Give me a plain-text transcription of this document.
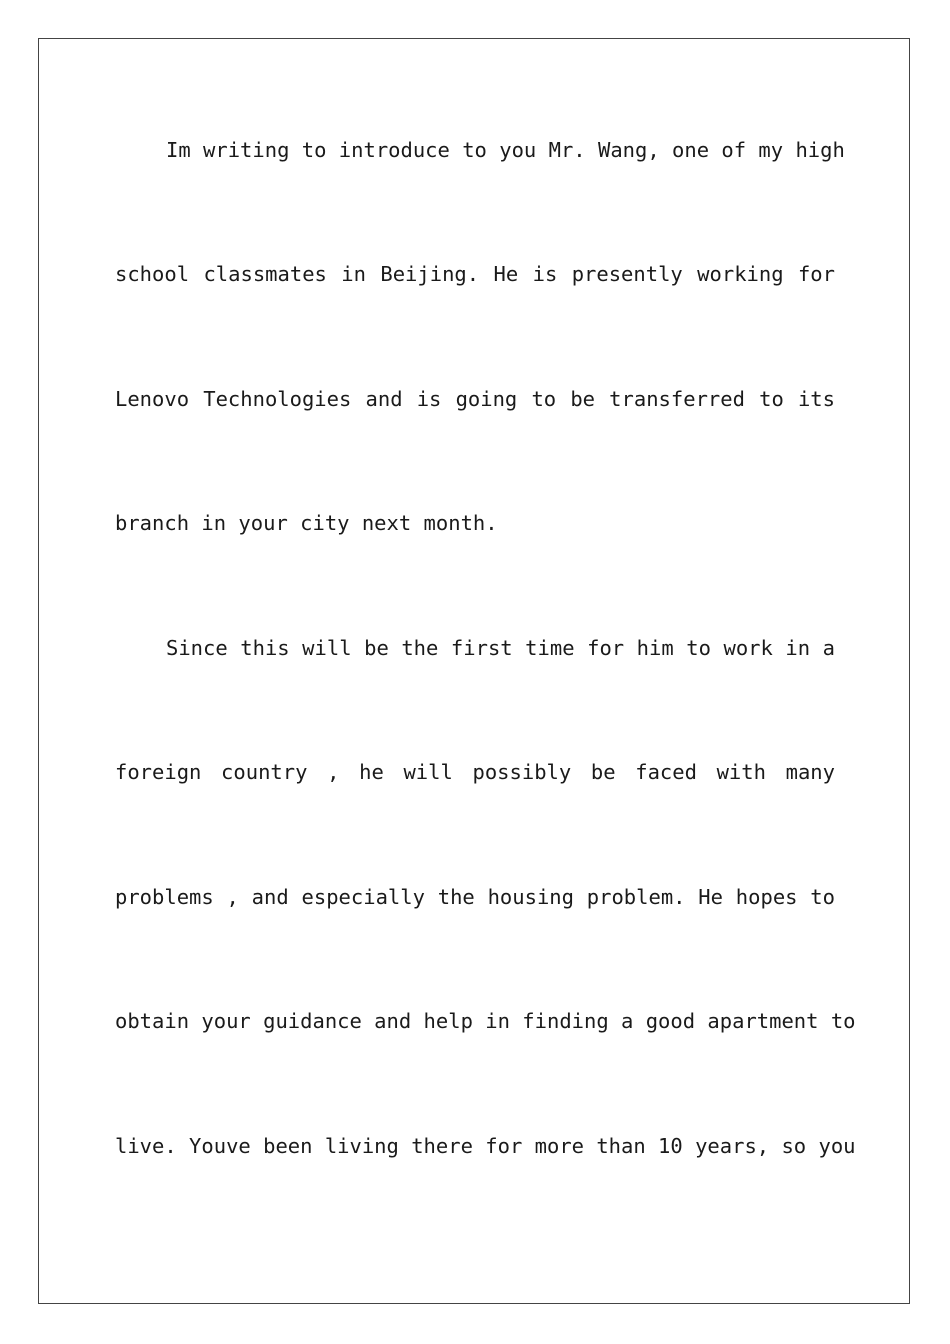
Im writing to introduce to you Mr. Wang, one of my high
school classmates in Beijing. He is presently working for
Lenovo Technologies and is going to be transferred to its
branch in your city next month.
Since this will be the first time for him to work in a
foreign country , he will possibly be faced with many
problems , and especially the housing problem. He hopes to
obtain your guidance and help in finding a good apartment to
live. Youve been living there for more than 10 years, so you
